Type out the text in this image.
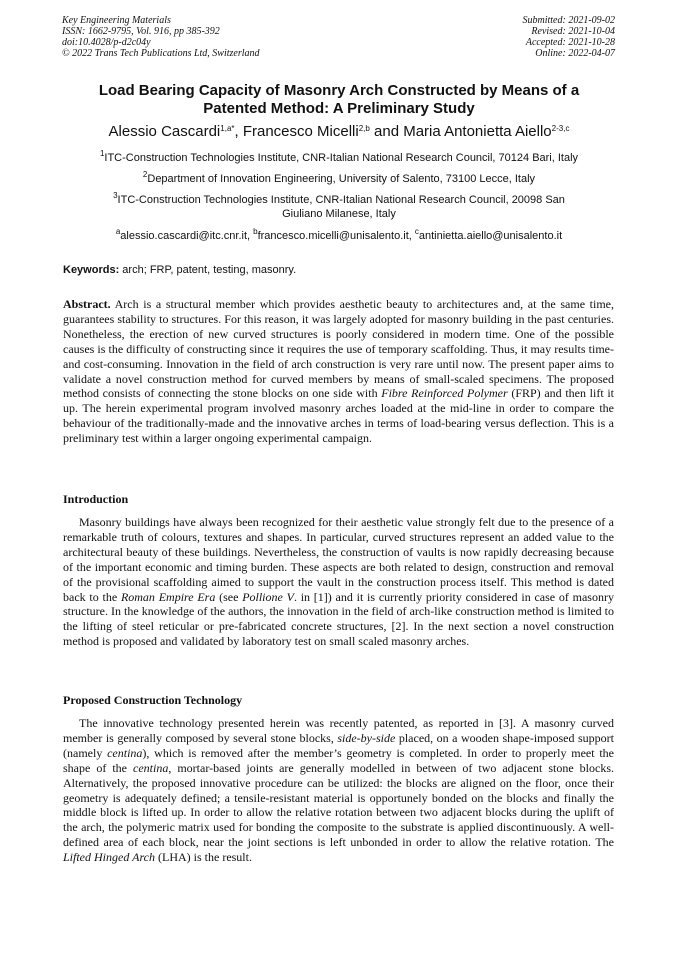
Key Engineering Materials
ISSN: 1662-9795, Vol. 916, pp 385-392
doi:10.4028/p-d2c04y
© 2022 Trans Tech Publications Ltd, Switzerland
Submitted: 2021-09-02
Revised: 2021-10-04
Accepted: 2021-10-28
Online: 2022-04-07
Load Bearing Capacity of Masonry Arch Constructed by Means of a
Patented Method: A Preliminary Study
Alessio Cascardi$^{1,a*}$, Francesco Micelli$^{2,b}$ and Maria Antonietta Aiello$^{2-3,c}$
$^1$ITC-Construction Technologies Institute, CNR-Italian National Research Council, 70124 Bari, Italy
$^2$Department of Innovation Engineering, University of Salento, 73100 Lecce, Italy
$^3$ITC-Construction Technologies Institute, CNR-Italian National Research Council, 20098 San
Giuliano Milanese, Italy
$^a$alessio.cascardi@itc.cnr.it, $^b$francesco.micelli@unisalento.it, $^c$antinietta.aiello@unisalento.it
Keywords: arch; FRP, patent, testing, masonry.

Abstract. Arch is a structural member which provides aesthetic beauty to architectures and, at the same time, guarantees stability to structures. For this reason, it was largely adopted for masonry building in the past centuries. Nonetheless, the erection of new curved structures is poorly considered in modern time. One of the possible causes is the difficulty of constructing since it requires the use of temporary scaffolding. Thus, it may results time- and cost-consuming. Innovation in the field of arch construction is very rare until now. The present paper aims to validate a novel construction method for curved members by means of small-scaled specimens. The proposed method consists of connecting the stone blocks on one side with Fibre Reinforced Polymer (FRP) and then lift it up. The herein experimental program involved masonry arches loaded at the mid-line in order to compare the behaviour of the traditionally-made and the innovative arches in terms of load-bearing versus deflection. This is a preliminary test within a larger ongoing experimental campaign.

Introduction

Masonry buildings have always been recognized for their aesthetic value strongly felt due to the presence of a remarkable truth of colours, textures and shapes. In particular, curved structures represent an added value to the architectural beauty of these buildings. Nevertheless, the construction of vaults is now rapidly decreasing because of the important economic and timing burden. These aspects are both related to design, construction and removal of the provisional scaffolding aimed to support the vault in the construction process itself. This method is dated back to the Roman Empire Era (see Pollione V. in [1]) and it is currently priority considered in case of masonry structure. In the knowledge of the authors, the innovation in the field of arch-like construction method is limited to the lifting of steel reticular or pre-fabricated concrete structures, [2]. In the next section a novel construction method is proposed and validated by laboratory test on small scaled masonry arches.

Proposed Construction Technology

The innovative technology presented herein was recently patented, as reported in [3]. A masonry curved member is generally composed by several stone blocks, side-by-side placed, on a wooden shape-imposed support (namely centina), which is removed after the member’s geometry is completed. In order to properly meet the shape of the centina, mortar-based joints are generally modelled in between of two adjacent stone blocks. Alternatively, the proposed innovative procedure can be utilized: the blocks are aligned on the floor, once their geometry is adequately defined; a tensile-resistant material is opportunely bonded on the blocks and finally the middle block is lifted up. In order to allow the relative rotation between two adjacent blocks during the uplift of the arch, the polymeric matrix used for bonding the composite to the substrate is applied discontinuously. A well-defined area of each block, near the joint sections is left unbonded in order to allow the relative rotation. The Lifted Hinged Arch (LHA) is the result.
